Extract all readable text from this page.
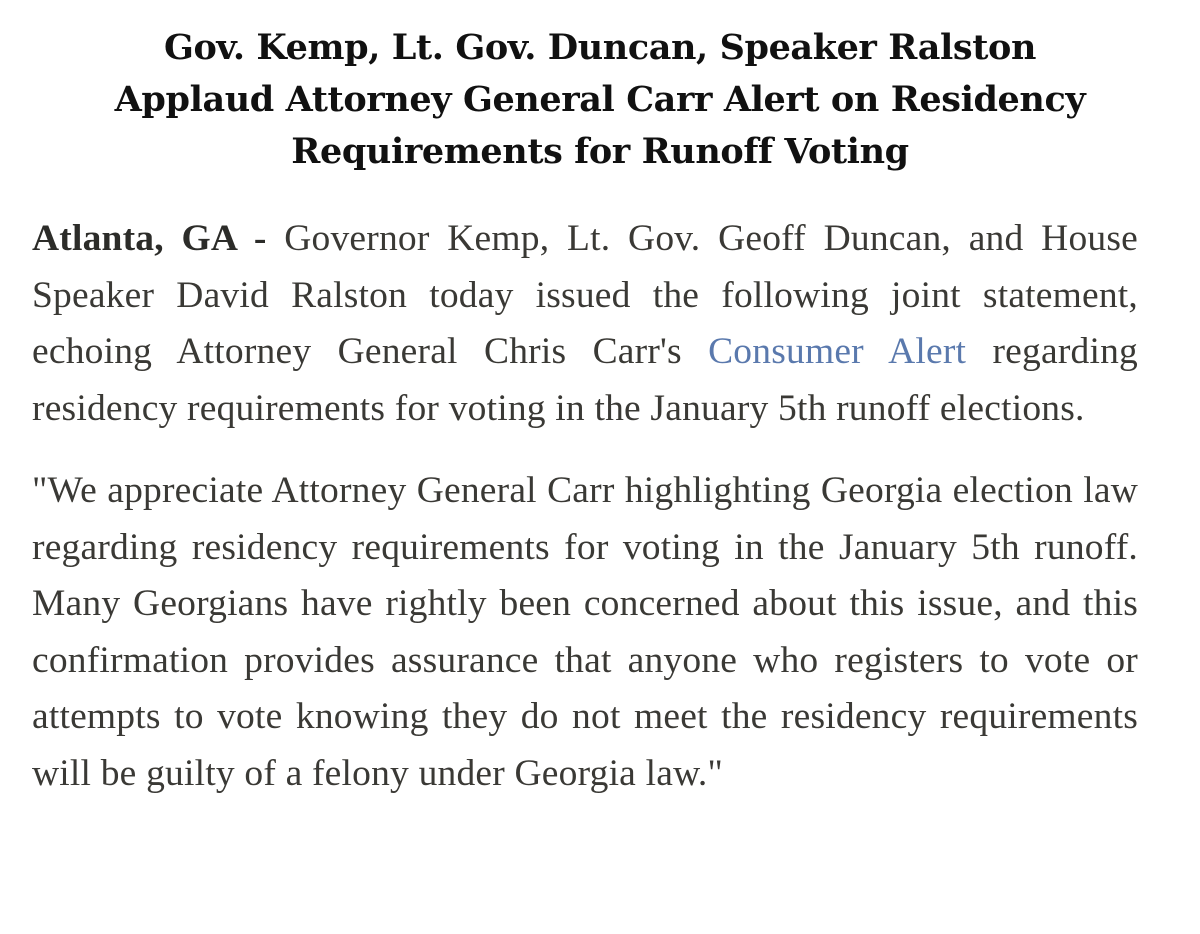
Gov. Kemp, Lt. Gov. Duncan, Speaker Ralston
Applaud Attorney General Carr Alert on Residency
Requirements for Runoff Voting

Atlanta, GA - Governor Kemp, Lt. Gov. Geoff Duncan, and House Speaker David Ralston today issued the following joint statement, echoing Attorney General Chris Carr's Consumer Alert regarding residency requirements for voting in the January 5th runoff elections.

"We appreciate Attorney General Carr highlighting Georgia election law regarding residency requirements for voting in the January 5th runoff. Many Georgians have rightly been concerned about this issue, and this confirmation provides assurance that anyone who registers to vote or attempts to vote knowing they do not meet the residency requirements will be guilty of a felony under Georgia law."
